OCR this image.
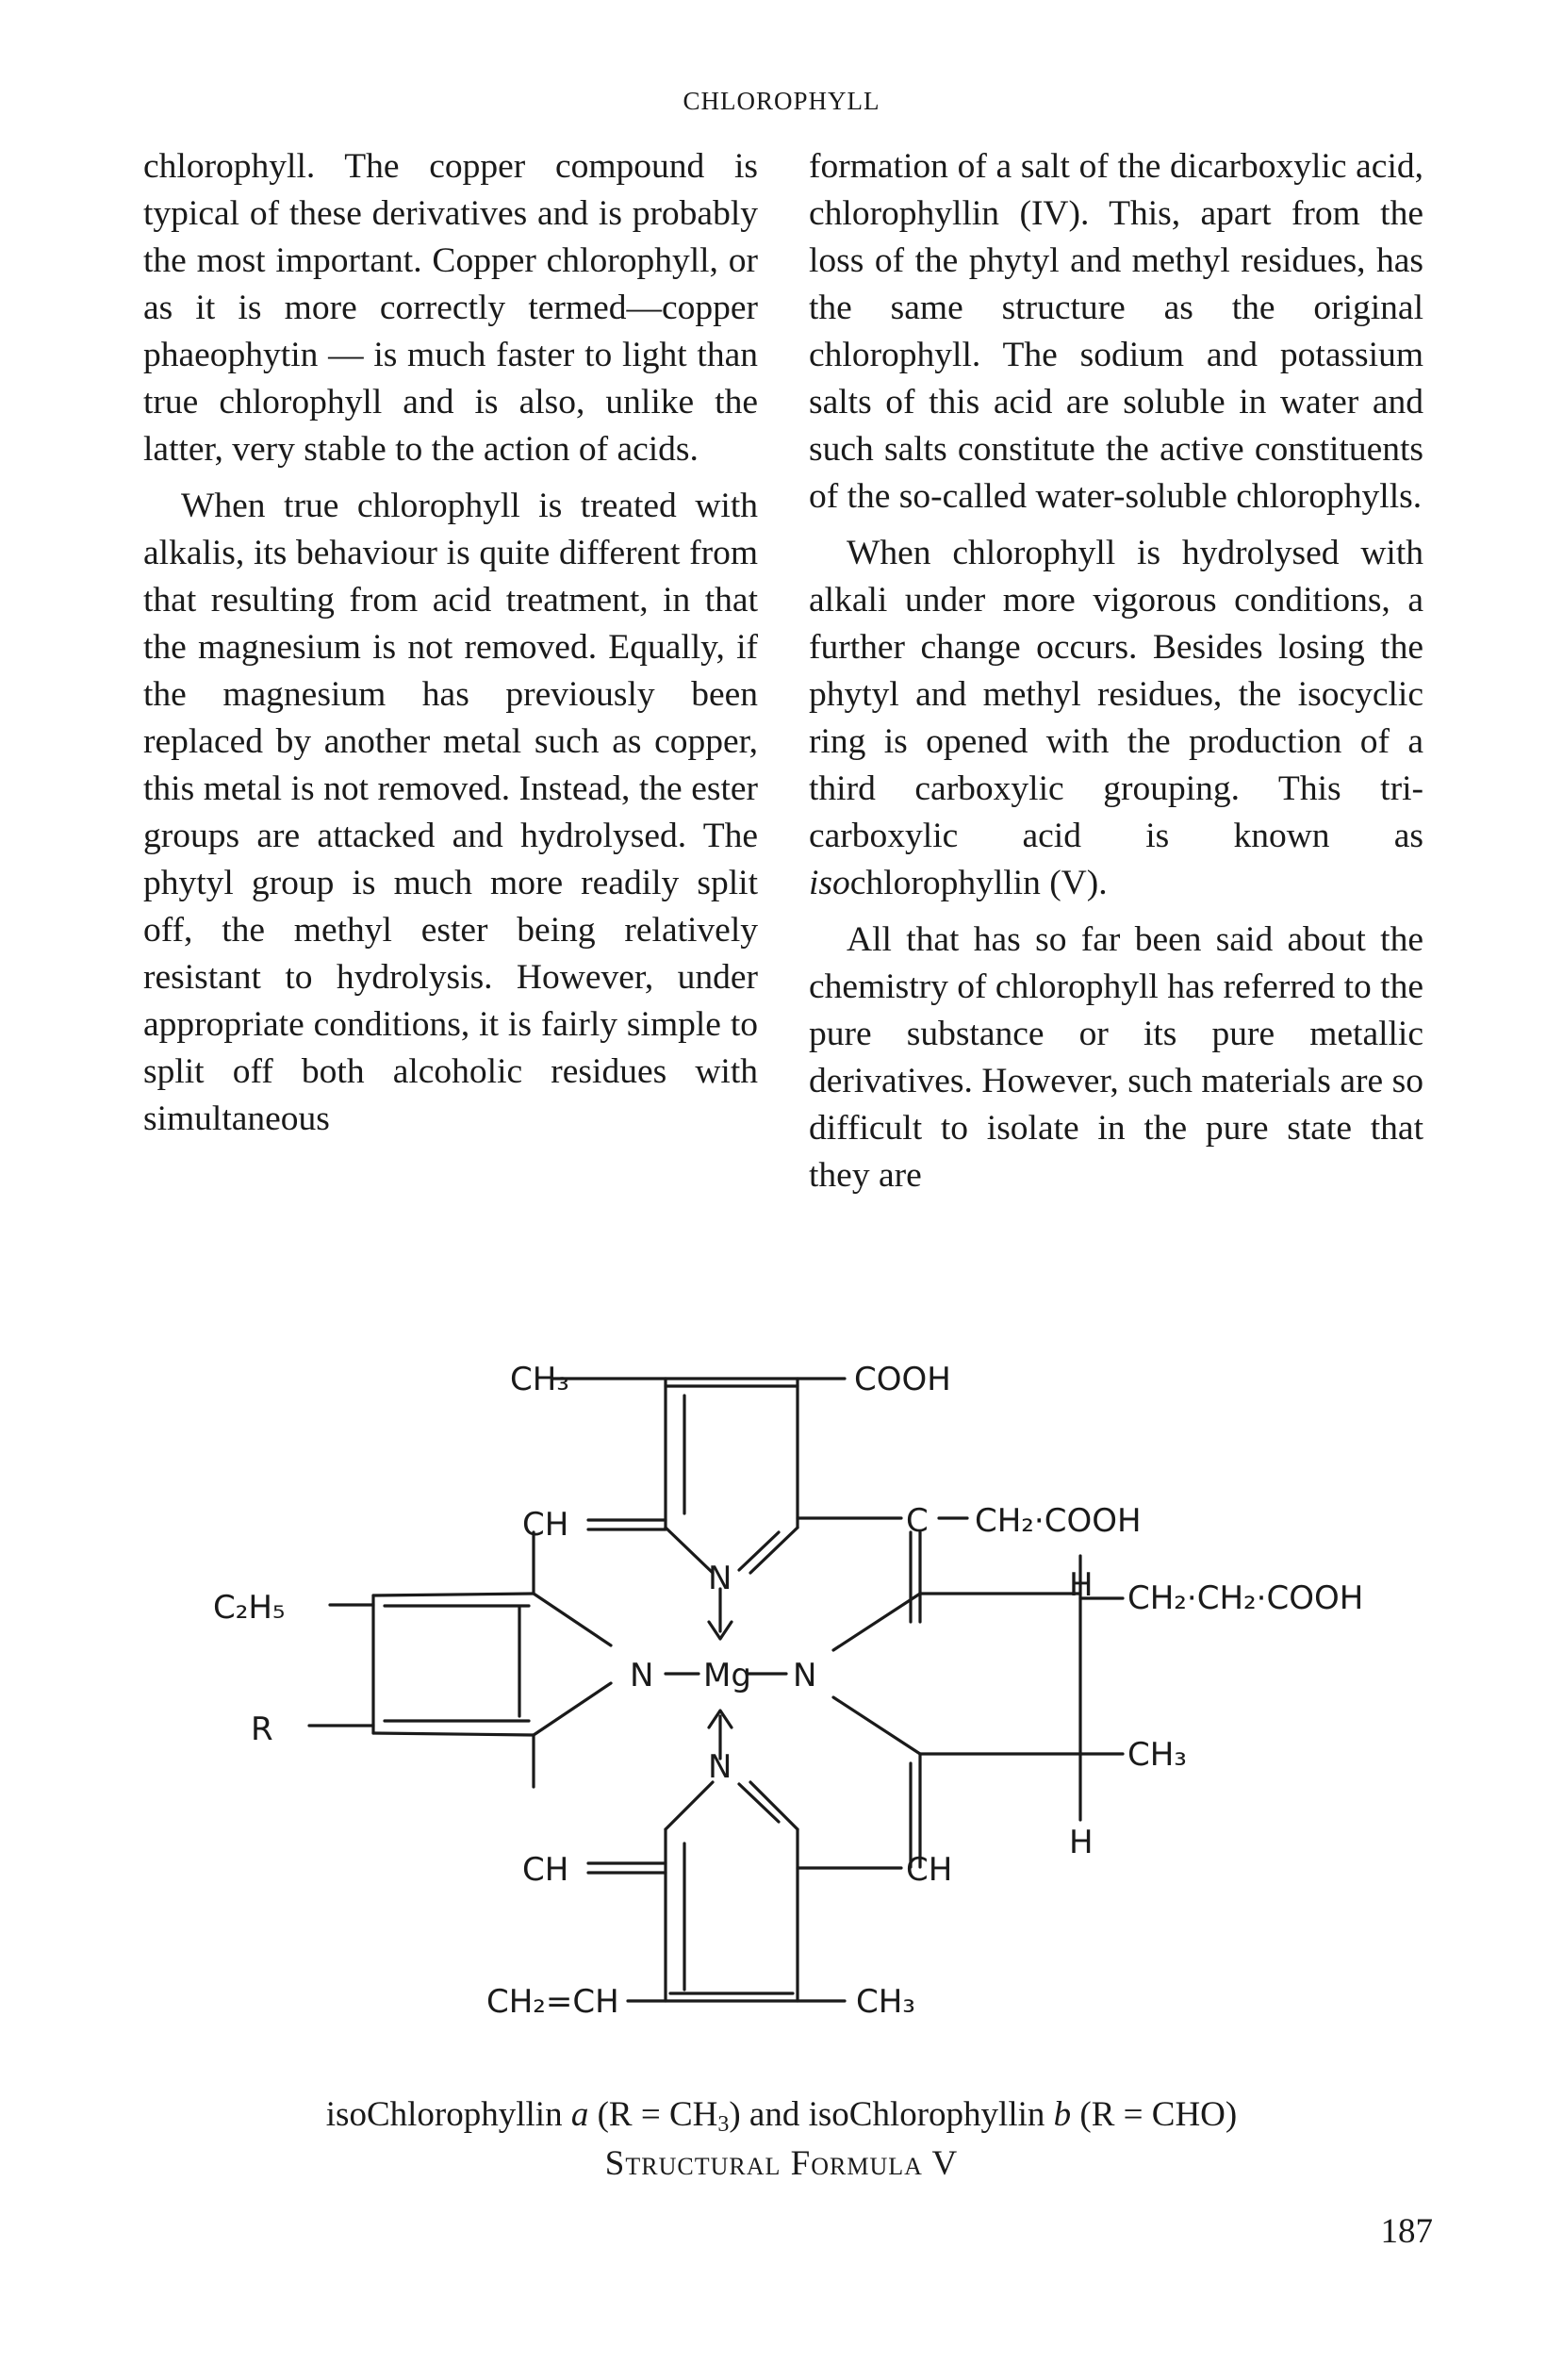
CHLOROPHYLL

chlorophyll. The copper compound is typical of these derivatives and is probably the most important. Copper chlorophyll, or as it is more correctly termed—copper phaeophytin — is much faster to light than true chlorophyll and is also, unlike the latter, very stable to the action of acids.

When true chlorophyll is treated with alkalis, its behaviour is quite different from that resulting from acid treatment, in that the magnesium is not removed. Equally, if the magnesium has previously been replaced by another metal such as copper, this metal is not removed. Instead, the ester groups are attacked and hydrolysed. The phytyl group is much more readily split off, the methyl ester being relatively resistant to hydrolysis. However, under appropriate conditions, it is fairly simple to split off both alcoholic residues with simultaneous

formation of a salt of the dicarboxylic acid, chlorophyllin (IV). This, apart from the loss of the phytyl and methyl residues, has the same structure as the original chlorophyll. The sodium and potassium salts of this acid are soluble in water and such salts constitute the active constituents of the so-called water-soluble chlorophylls.

When chlorophyll is hydrolysed with alkali under more vigorous conditions, a further change occurs. Besides losing the phytyl and methyl residues, the isocyclic ring is opened with the production of a third carboxylic grouping. This tri-carboxylic acid is known as isochlorophyllin (V).

All that has so far been said about the chemistry of chlorophyll has referred to the pure substance or its pure metallic derivatives. However, such materials are so difficult to isolate in the pure state that they are

CH₃	COOH
CH	C CH₂·COOH
H
N
C₂H₅	CH₂·CH₂·COOH
N Mg N
R
CH₃
H
N
CH	CH
CH₂=CH	CH₃
isoChlorophyllin a $(R = CH_3)$ and isoChlorophyllin b (R = CHO)
Structural Formula V
187
